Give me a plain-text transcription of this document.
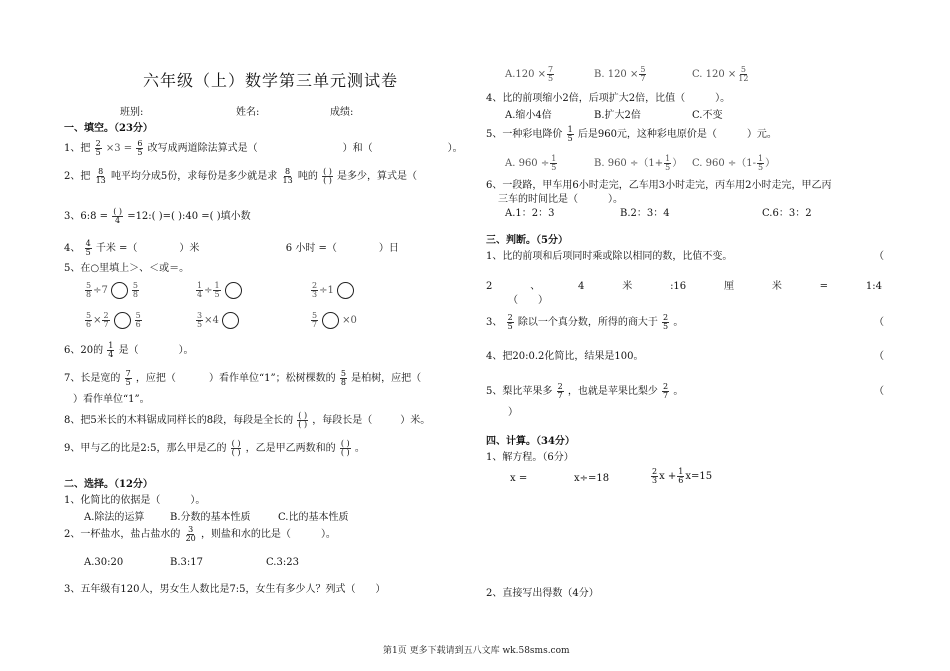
六年级（上）数学第三单元测试卷
班别:	姓名:	成绩:
一、填空。（23分）
1、把 $\frac{2}{5} \times 3 = \frac{6}{5}$ 改写成两道除法算式是（	）和（	）。
2、把 $\frac{8}{13}$ 吨平均分成5份，求每份是多少就是求 $\frac{8}{13}$ 吨的 $\frac{( )}{( )}$ 是多少，算式是（
3、6:8 = $\frac{( )}{4}$ =12:( )=( ):40 =( )填小数
4、 $\frac{4}{5}$ 千米 =（	）米	6 小时 =（	）日
5、在○里填上＞、＜或＝。
$\frac{5}{8} \div 7$	$\frac{5}{8}$	$\frac{1}{4} \div \frac{1}{5}$	$\frac{2}{3} \div 1$
$\frac{5}{6} \times \frac{2}{7}$	$\frac{5}{6}$	$\frac{3}{5} \times 4$	$\frac{5}{7} \times 0$
6、20的 $\frac{1}{4}$ 是（	）。
7、长是宽的 $\frac{7}{5}$ ，应把（	）看作单位“1”；松树棵数的 $\frac{5}{8}$ 是柏树，应把（
）看作单位“1”。
8、把5米长的木料锯成同样长的8段，每段是全长的 $\frac{( )}{( )}$ ，每段长是（	）米。
9、甲与乙的比是2:5，那么甲是乙的 $\frac{( )}{( )}$ ，乙是甲乙两数和的 $\frac{( )}{( )}$ 。
二、选择。（12分）
1、化简比的依据是（　　　）。
A.除法的运算	B.分数的基本性质	C.比的基本性质
2、一杯盐水，盐占盐水的 $\frac{3}{20}$ ，则盐和水的比是（	）。
A.30:20	B.3:17	C.3:23
3、五年级有120人，男女生人数比是7:5，女生有多少人？列式（　　）
$A.120 \times \frac{7}{5}$	B. $120 \times \frac{5}{7}$	C. $120 \times \frac{5}{12}$
4、比的前项缩小2倍，后项扩大2倍，比值（　　　）。
A.缩小4倍	B.扩大2倍	C.不变
5、一种彩电降价 $\frac{1}{5}$ 后是960元，这种彩电原价是（	）元。
A. $960 \div \frac{1}{5}$	B. $960 \div(1+ \frac{1}{5}$ ） C. $960 \div(1- \frac{1}{5}$ ）
6、一段路，甲车用6小时走完，乙车用3小时走完，丙车用2小时走完，甲乙丙
三车的时间比是（　　　）。
A.1：2：3	B.2：3：4	C.6：3：2
三、判断。（5分）
1、比的前项和后项同时乘或除以相同的数，比值不变。	（
2	、	4	米	:16	厘	米	=	1:4
（ ）
3、 $\frac{2}{5}$ 除以一个真分数，所得的商大于 $\frac{2}{5}$ 。	（
4、把20:0.2化简比，结果是100。	（
5、梨比苹果多 $\frac{2}{7}$ ，也就是苹果比梨少 $\frac{2}{7}$ 。	（
）
四、计算。（34分）
1、解方程。（6分）
x =	x÷=18	$\frac{2}{3}$ $x + \frac{1}{6} x=15$
2、直接写出得数（4分）
第1页 更多下载请到五八文库 wk.58sms.com
